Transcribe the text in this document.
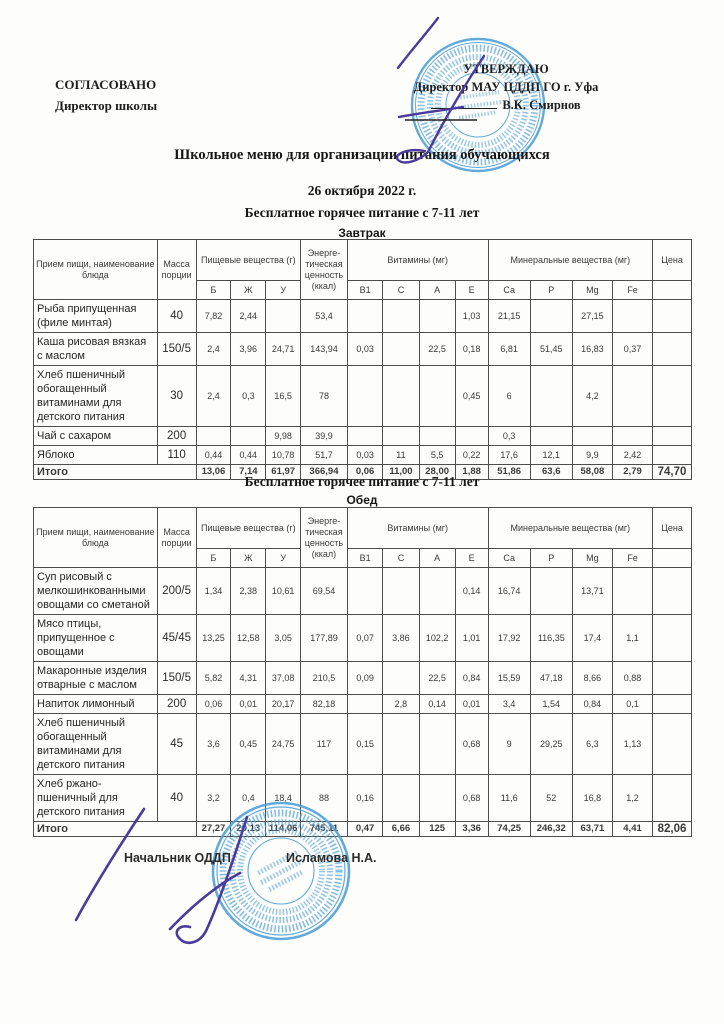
СОГЛАСОВАНО
Директор школы
УТВЕРЖДАЮ
Директор МАУ ЦДДП ГО г. Уфа
В.К. Смирнов
Школьное меню для организации питания обучающихся
26 октября 2022 г.
Бесплатное горячее питание с 7-11 лет
Завтрак
Прием пищи, наименование блюда	Масса порции	Пищевые вещества (г)			Энерге- тическая ценность (ккал)	Витамины (мг)				Минеральные вещества (мг)				Цена
		Б	Ж	У		В1	С	А	Е	Са	Р	Mg	Fe	
Рыба припущенная (филе минтая)	40	7,82	2,44		53,4				1,03	21,15		27,15		
Каша рисовая вязкая с маслом	150/5	2,4	3,96	24,71	143,94	0,03		22,5	0,18	6,81	51,45	16,83	0,37	
Хлеб пшеничный обогащенный витаминами для детского питания	30	2,4	0,3	16,5	78				0,45	6		4,2		
Чай с сахаром	200			9,98	39,9					0,3				
Яблоко	110	0,44	0,44	10,78	51,7	0,03	11	5,5	0,22	17,6	12,1	9,9	2,42	
Итого		13,06	7,14	61,97	366,94	0,06	11,00	28,00	1,88	51,86	63,6	58,08	2,79	74,70
Бесплатное горячее питание с 7-11 лет
Обед
Прием пищи, наименование блюда	Масса порции	Пищевые вещества (г)			Энерге- тическая ценность (ккал)	Витамины (мг)				Минеральные вещества (мг)				Цена
		Б	Ж	У		В1	С	А	Е	Са	Р	Mg	Fe	
Суп рисовый с мелкошинкованными овощами со сметаной	200/5	1,34	2,38	10,61	69,54				0,14	16,74		13,71		
Мясо птицы, припущенное с овощами	45/45	13,25	12,58	3,05	177,89	0,07	3,86	102,2	1,01	17,92	116,35	17,4	1,1	
Макаронные изделия отварные с маслом	150/5	5,82	4,31	37,08	210,5	0,09		22,5	0,84	15,59	47,18	8,66	0,88	
Напиток лимонный	200	0,06	0,01	20,17	82,18		2,8	0,14	0,01	3,4	1,54	0,84	0,1	
Хлеб пшеничный обогащенный витаминами для детского питания	45	3,6	0,45	24,75	117	0,15			0,68	9	29,25	6,3	1,13	
Хлеб ржано- пшеничный для детского питания	40	3,2	0,4	18,4	88	0,16			0,68	11,6	52	16,8	1,2	
Итого		27,27	20,13	114,06	745,11	0,47	6,66	125	3,36	74,25	246,32	63,71	4,41	82,06
Начальник ОДДП	Исламова Н.А.
